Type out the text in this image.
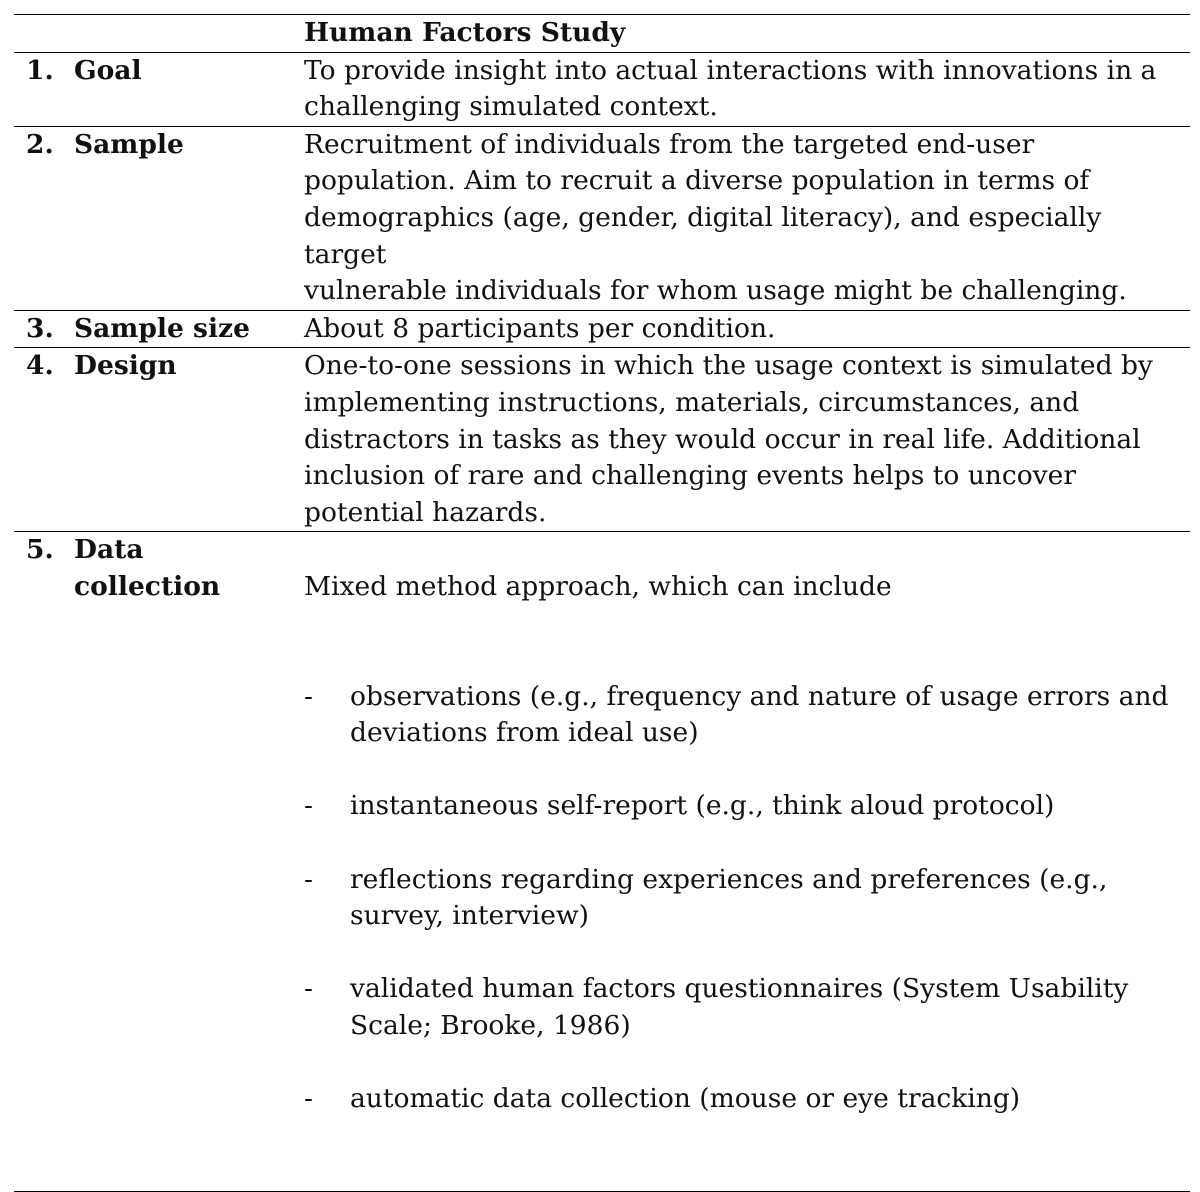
Human Factors Study
1. Goal	To provide insight into actual interactions with innovations in a
challenging simulated context.
2. Sample	Recruitment of individuals from the targeted end-user
population. Aim to recruit a diverse population in terms of
demographics (age, gender, digital literacy), and especially target
vulnerable individuals for whom usage might be challenging.
3. Sample size	About 8 participants per condition.
4. Design	One-to-one sessions in which the usage context is simulated by
implementing instructions, materials, circumstances, and
distractors in tasks as they would occur in real life. Additional
inclusion of rare and challenging events helps to uncover
potential hazards.
5. Data
collection	Mixed method approach, which can include

-	observations (e.g., frequency and nature of usage errors and
deviations from ideal use)

-	instantaneous self-report (e.g., think aloud protocol)

-	reflections regarding experiences and preferences (e.g.,
survey, interview)

-	validated human factors questionnaires (System Usability
Scale; Brooke, 1986)

-	automatic data collection (mouse or eye tracking)
